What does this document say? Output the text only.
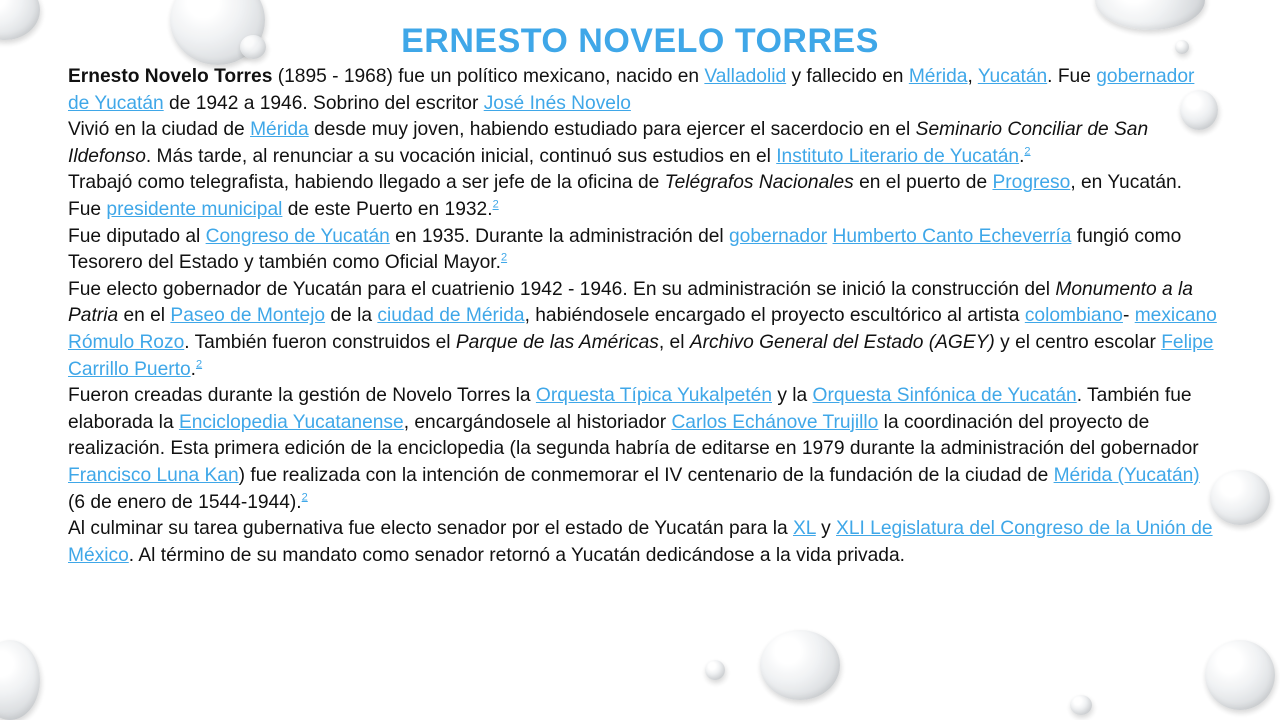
ERNESTO NOVELO TORRES

Ernesto Novelo Torres (1895 - 1968) fue un político mexicano, nacido en Valladolid y fallecido en Mérida, Yucatán. Fue gobernador de Yucatán de 1942 a 1946. Sobrino del escritor José Inés Novelo

Vivió en la ciudad de Mérida desde muy joven, habiendo estudiado para ejercer el sacerdocio en el Seminario Conciliar de San Ildefonso. Más tarde, al renunciar a su vocación inicial, continuó sus estudios en el Instituto Literario de Yucatán.$^2$

Trabajó como telegrafista, habiendo llegado a ser jefe de la oficina de Telégrafos Nacionales en el puerto de Progreso, en Yucatán. Fue presidente municipal de este Puerto en 1932.$^2$

Fue diputado al Congreso de Yucatán en 1935. Durante la administración del gobernador Humberto Canto Echeverría fungió como Tesorero del Estado y también como Oficial Mayor.$^2$

Fue electo gobernador de Yucatán para el cuatrienio 1942 - 1946. En su administración se inició la construcción del Monumento a la Patria en el Paseo de Montejo de la ciudad de Mérida, habiéndosele encargado el proyecto escultórico al artista colombiano- mexicano Rómulo Rozo. También fueron construidos el Parque de las Américas, el Archivo General del Estado (AGEY) y el centro escolar Felipe Carrillo Puerto.$^2$

Fueron creadas durante la gestión de Novelo Torres la Orquesta Típica Yukalpetén y la Orquesta Sinfónica de Yucatán. También fue elaborada la Enciclopedia Yucatanense, encargándosele al historiador Carlos Echánove Trujillo la coordinación del proyecto de realización. Esta primera edición de la enciclopedia (la segunda habría de editarse en 1979 durante la administración del gobernador Francisco Luna Kan) fue realizada con la intención de conmemorar el IV centenario de la fundación de la ciudad de Mérida (Yucatán) (6 de enero de 1544-1944).$^2$

Al culminar su tarea gubernativa fue electo senador por el estado de Yucatán para la XL y XLI Legislatura del Congreso de la Unión de México. Al término de su mandato como senador retornó a Yucatán dedicándose a la vida privada.
